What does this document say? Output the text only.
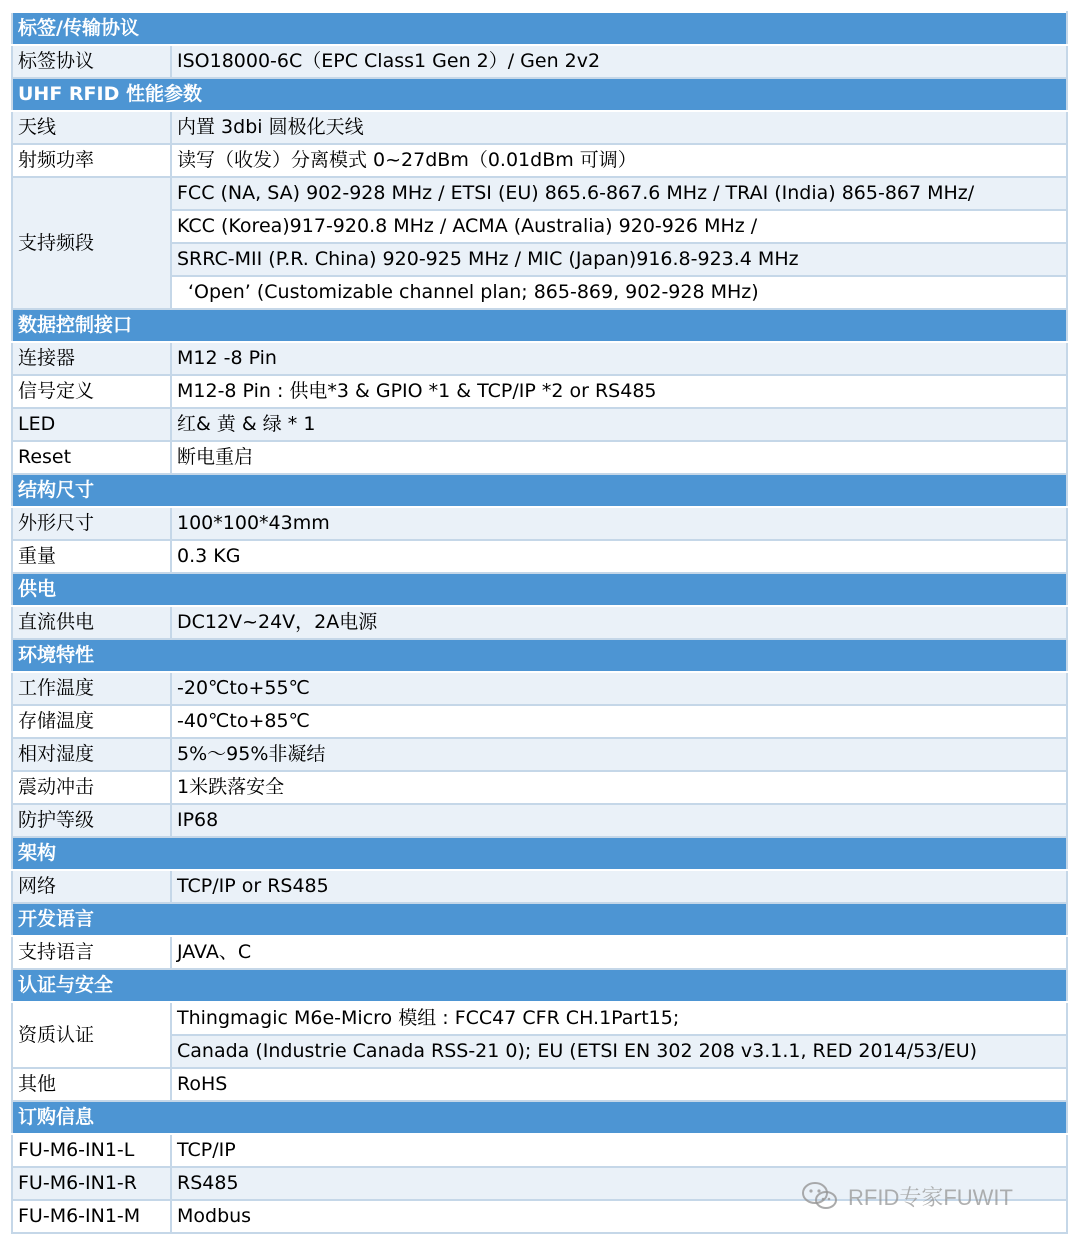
标签/传输协议	
标签协议	ISO18000-6C（EPC Class1 Gen 2）/ Gen 2v2
UHF RFID 性能参数	
天线	内置 3dbi 圆极化天线
射频功率	读写（收发）分离模式 0~27dBm（0.01dBm 可调）
支持频段	FCC (NA, SA) 902-928 MHz / ETSI (EU) 865.6-867.6 MHz / TRAI (India) 865-867 MHz/
	KCC (Korea)917-920.8 MHz / ACMA (Australia) 920-926 MHz /
	SRRC-MII (P.R. China) 920-925 MHz / MIC (Japan)916.8-923.4 MHz
	‘Open’ (Customizable channel plan; 865-869, 902-928 MHz)
数据控制接口	
连接器	M12 -8 Pin
信号定义	M12-8 Pin : 供电*3 & GPIO *1 & TCP/IP *2 or RS485
LED	红& 黄 & 绿 * 1
Reset	断电重启
结构尺寸	
外形尺寸	100*100*43mm
重量	0.3 KG
供电	
直流供电	DC12V~24V，2A电源
环境特性	
工作温度	-20℃to+55℃
存储温度	-40℃to+85℃
相对湿度	5%～95%非凝结
震动冲击	1米跌落安全
防护等级	IP68
架构	
网络	TCP/IP or RS485
开发语言	
支持语言	JAVA、C
认证与安全	
资质认证	Thingmagic M6e-Micro 模组 : FCC47 CFR CH.1Part15;
	Canada (Industrie Canada RSS-21 0); EU (ETSI EN 302 208 v3.1.1, RED 2014/53/EU)
其他	RoHS
订购信息	
FU-M6-IN1-L	TCP/IP
FU-M6-IN1-R	RS485
FU-M6-IN1-M	Modbus
RFID专家FUWIT
